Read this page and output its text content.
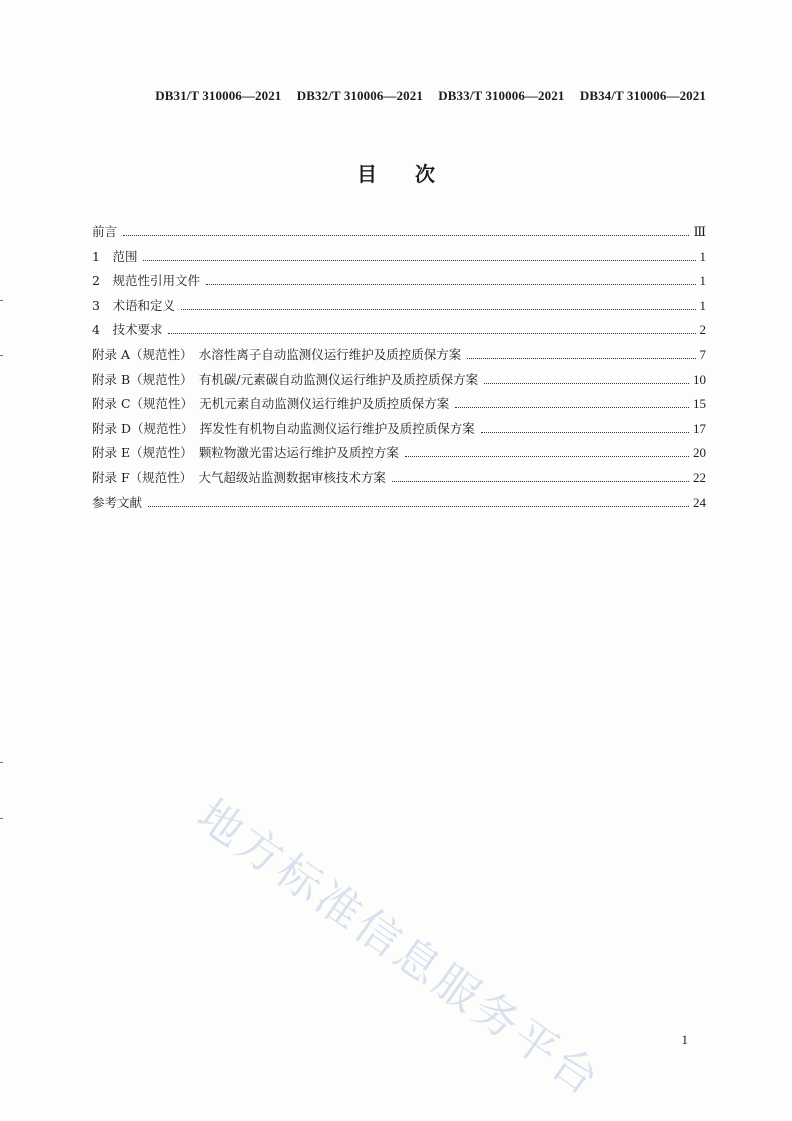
DB31/T 310006—2021 DB32/T 310006—2021 DB33/T 310006—2021 DB34/T 310006—2021
目次
前言	Ⅲ
1　范围	1
2　规范性引用文件	1
3　术语和定义	1
4　技术要求	2
附录 A（规范性）　水溶性离子自动监测仪运行维护及质控质保方案	7
附录 B（规范性）　有机碳/元素碳自动监测仪运行维护及质控质保方案	10
附录 C（规范性）　无机元素自动监测仪运行维护及质控质保方案	15
附录 D（规范性）　挥发性有机物自动监测仪运行维护及质控质保方案	17
附录 E（规范性）　颗粒物激光雷达运行维护及质控方案	20
附录 F（规范性）　大气超级站监测数据审核技术方案	22
参考文献	24
地方标准信息服务平台	1
